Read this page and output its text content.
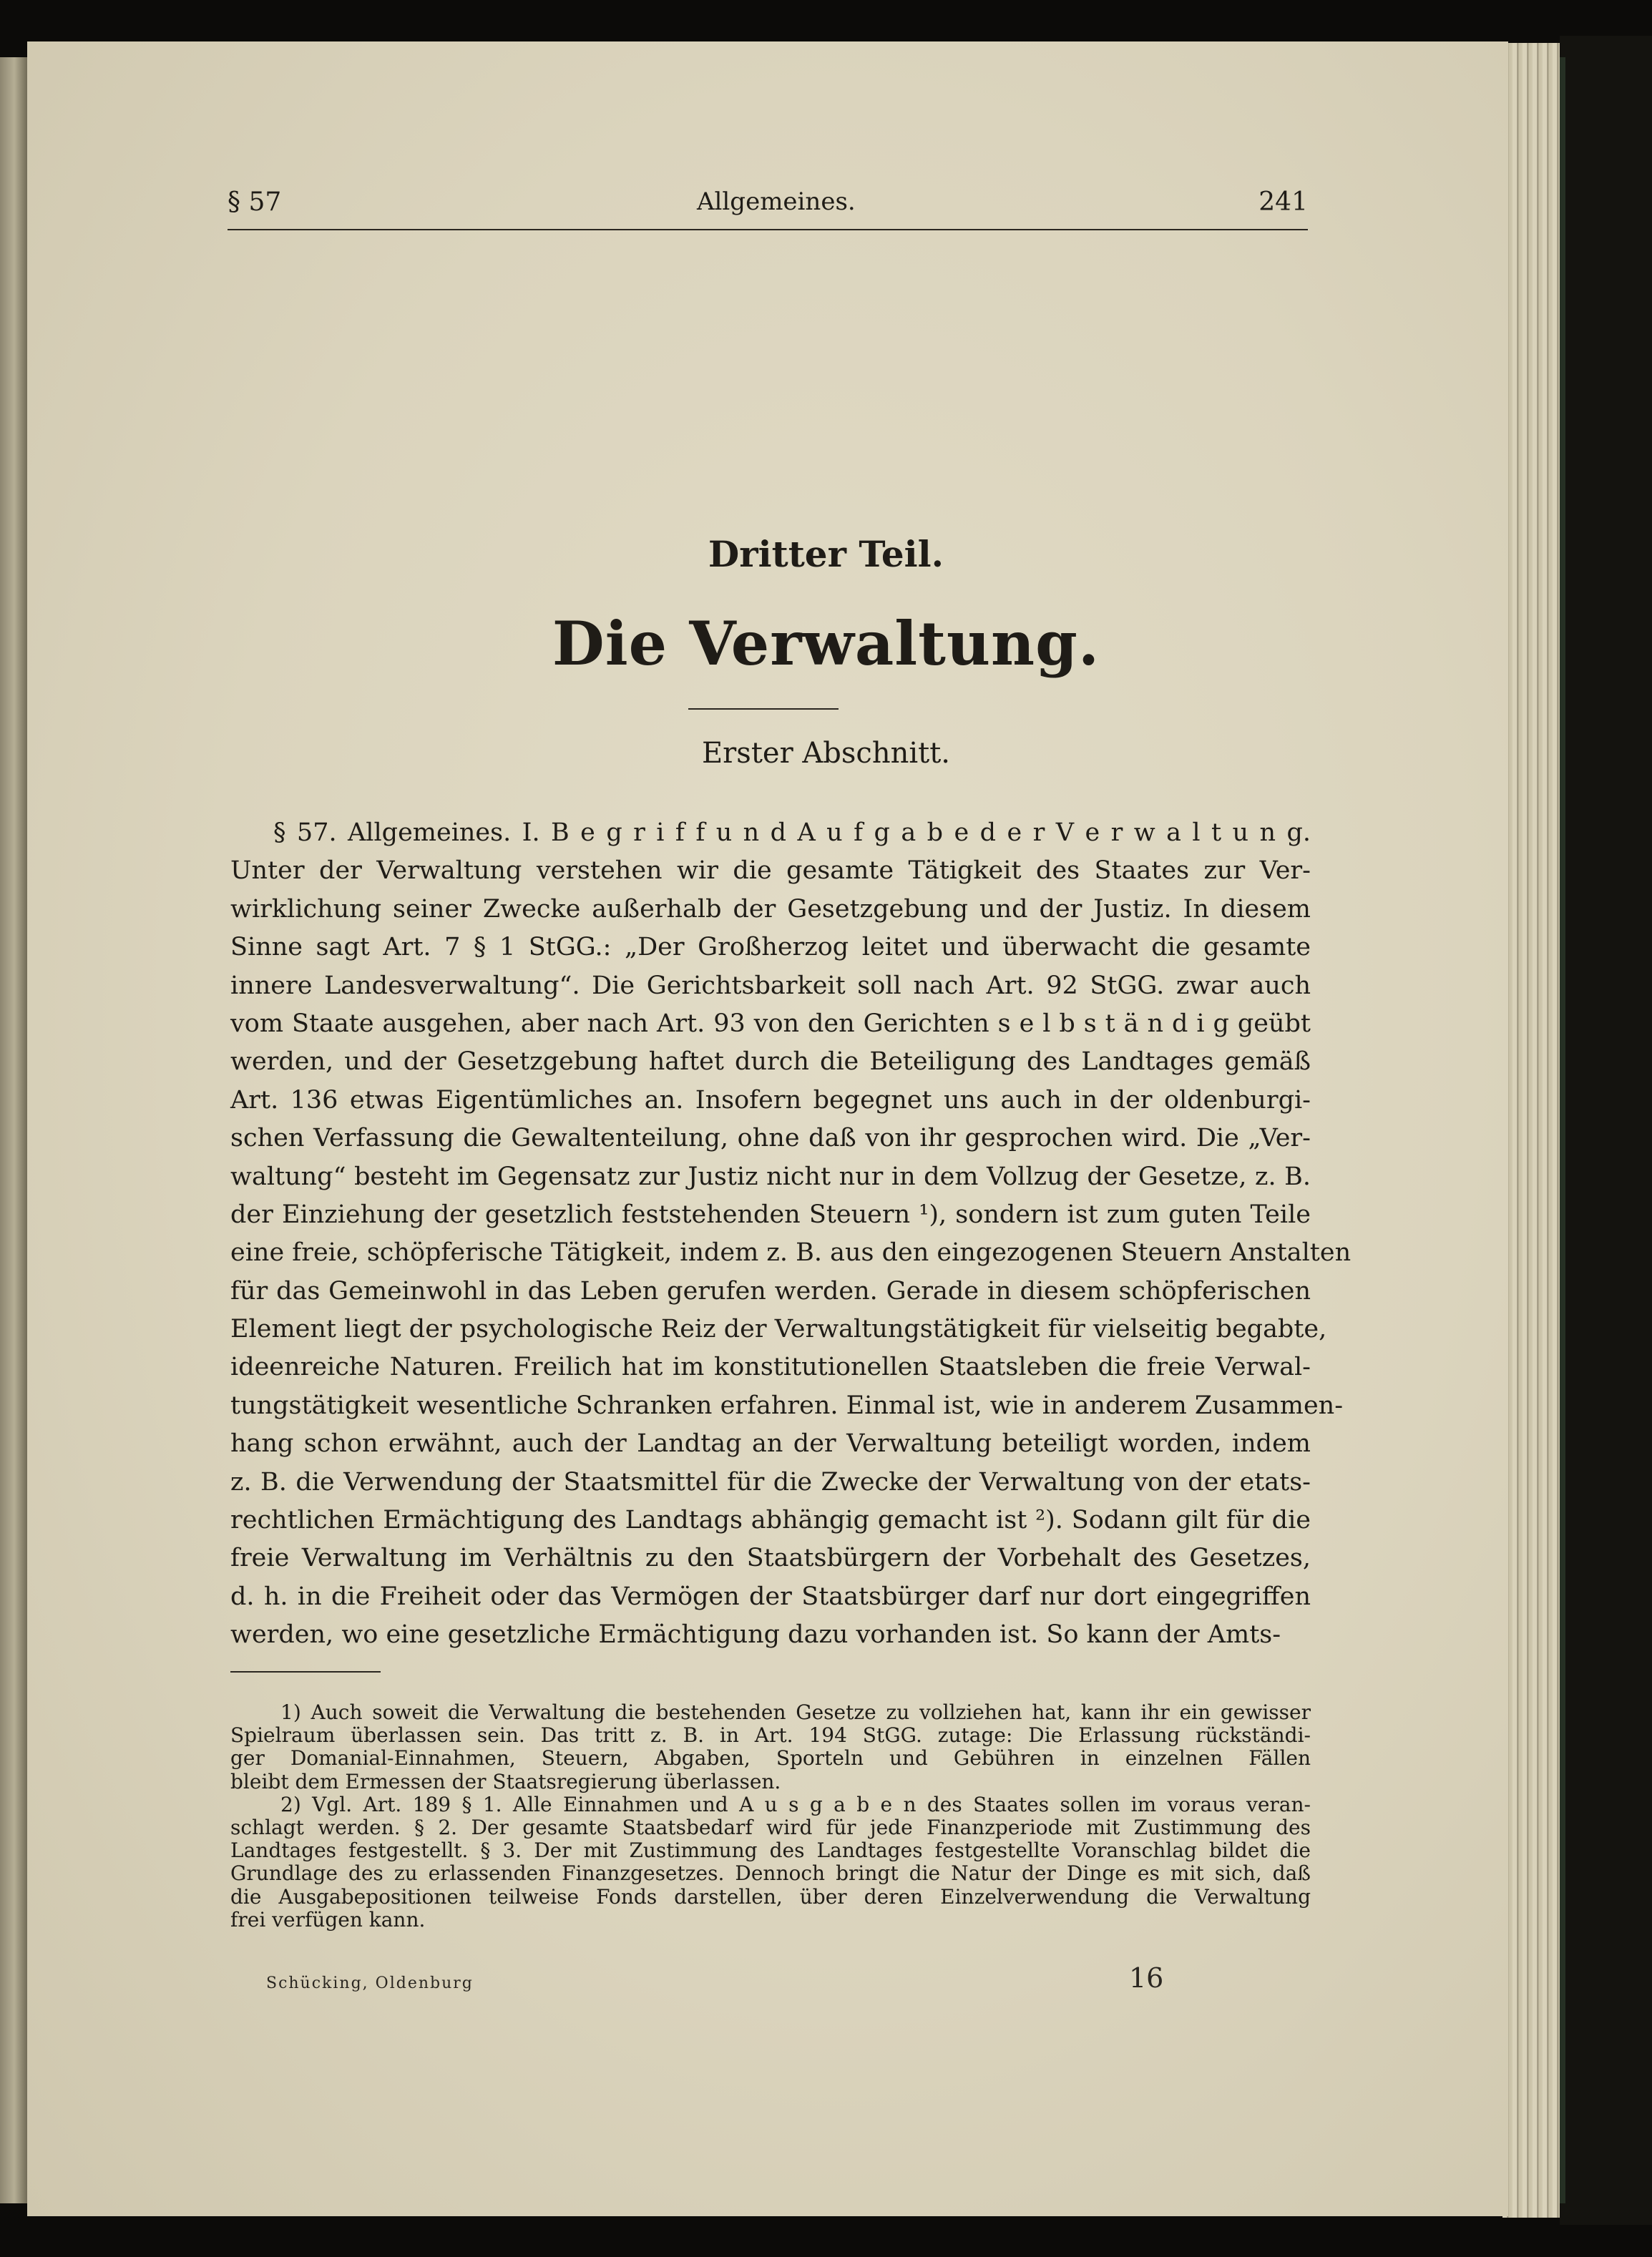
§ 57	Allgemeines.	241
Dritter Teil.
Die Verwaltung.
Erster Abschnitt.
§ 57. Allgemeines. I. B e g r i f f u n d A u f g a b e d e r V e r w a l t u n g.
Unter der Verwaltung verstehen wir die gesamte Tätigkeit des Staates zur Ver-
wirklichung seiner Zwecke außerhalb der Gesetzgebung und der Justiz. In diesem
Sinne sagt Art. 7 § 1 StGG.: „Der Großherzog leitet und überwacht die gesamte
innere Landesverwaltung“. Die Gerichtsbarkeit soll nach Art. 92 StGG. zwar auch
vom Staate ausgehen, aber nach Art. 93 von den Gerichten s e l b s t ä n d i g geübt
werden, und der Gesetzgebung haftet durch die Beteiligung des Landtages gemäß
Art. 136 etwas Eigentümliches an. Insofern begegnet uns auch in der oldenburgi-
schen Verfassung die Gewaltenteilung, ohne daß von ihr gesprochen wird. Die „Ver-
waltung“ besteht im Gegensatz zur Justiz nicht nur in dem Vollzug der Gesetze, z. B.
der Einziehung der gesetzlich feststehenden Steuern ¹), sondern ist zum guten Teile
eine freie, schöpferische Tätigkeit, indem z. B. aus den eingezogenen Steuern Anstalten
für das Gemeinwohl in das Leben gerufen werden. Gerade in diesem schöpferischen
Element liegt der psychologische Reiz der Verwaltungstätigkeit für vielseitig begabte,
ideenreiche Naturen. Freilich hat im konstitutionellen Staatsleben die freie Verwal-
tungstätigkeit wesentliche Schranken erfahren. Einmal ist, wie in anderem Zusammen-
hang schon erwähnt, auch der Landtag an der Verwaltung beteiligt worden, indem
z. B. die Verwendung der Staatsmittel für die Zwecke der Verwaltung von der etats-
rechtlichen Ermächtigung des Landtags abhängig gemacht ist ²). Sodann gilt für die
freie Verwaltung im Verhältnis zu den Staatsbürgern der Vorbehalt des Gesetzes,
d. h. in die Freiheit oder das Vermögen der Staatsbürger darf nur dort eingegriffen
werden, wo eine gesetzliche Ermächtigung dazu vorhanden ist. So kann der Amts-
1) Auch soweit die Verwaltung die bestehenden Gesetze zu vollziehen hat, kann ihr ein gewisser
Spielraum überlassen sein. Das tritt z. B. in Art. 194 StGG. zutage: Die Erlassung rückständi-
ger Domanial-Einnahmen, Steuern, Abgaben, Sporteln und Gebühren in einzelnen Fällen
bleibt dem Ermessen der Staatsregierung überlassen.
2) Vgl. Art. 189 § 1. Alle Einnahmen und A u s g a b e n des Staates sollen im voraus veran-
schlagt werden. § 2. Der gesamte Staatsbedarf wird für jede Finanzperiode mit Zustimmung des
Landtages festgestellt. § 3. Der mit Zustimmung des Landtages festgestellte Voranschlag bildet die
Grundlage des zu erlassenden Finanzgesetzes. Dennoch bringt die Natur der Dinge es mit sich, daß
die Ausgabepositionen teilweise Fonds darstellen, über deren Einzelverwendung die Verwaltung
frei verfügen kann.
Schücking, Oldenburg	16
